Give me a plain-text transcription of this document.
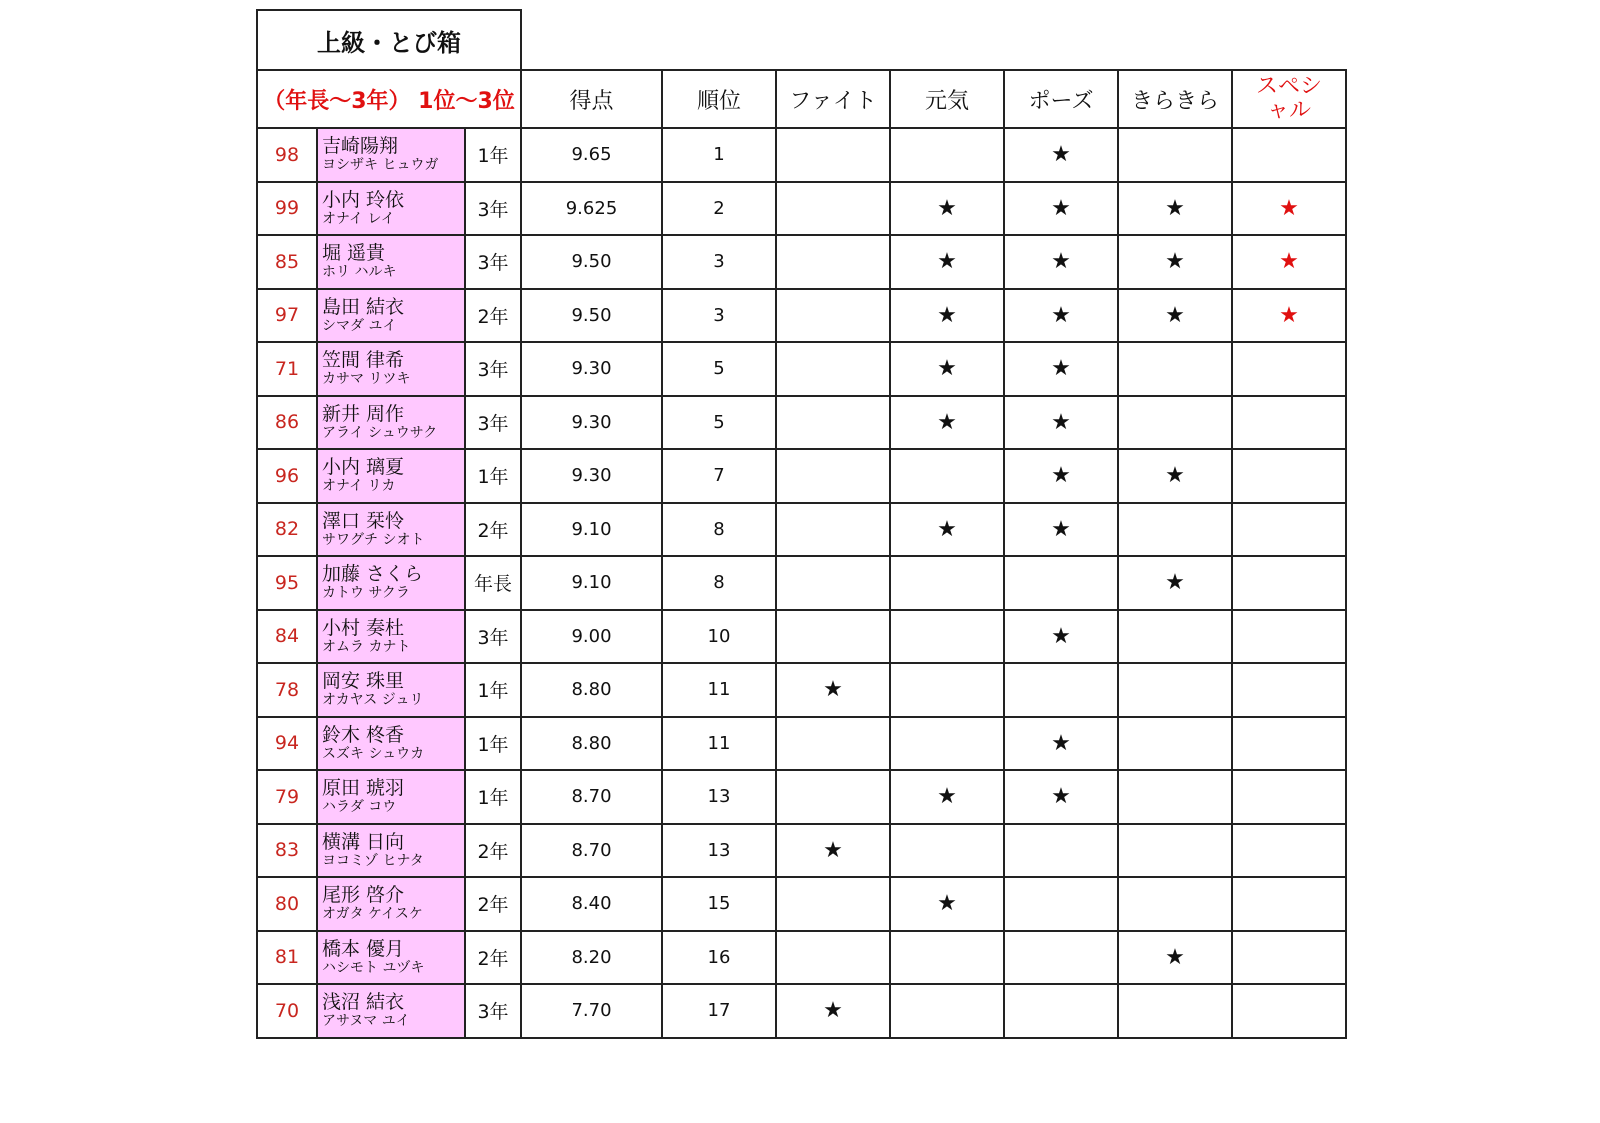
上級・とび箱									
（年長～3年） 1位～3位			得点	順位	ファイト	元気	ポーズ	きらきら	スペシ
ャル

98	吉崎陽翔
ヨシザキ ヒュウガ	1年	9.65	1			★		
99	小内 玲依
オナイ レイ	3年	9.625	2		★	★	★	★
85	堀 遥貴
ホリ ハルキ	3年	9.50	3		★	★	★	★
97	島田 結衣
シマダ ユイ	2年	9.50	3		★	★	★	★
71	笠間 律希
カサマ リツキ	3年	9.30	5		★	★		
86	新井 周作
アライ シュウサク	3年	9.30	5		★	★		
96	小内 璃夏
オナイ リカ	1年	9.30	7			★	★	
82	澤口 栞怜
サワグチ シオト	2年	9.10	8		★	★		
95	加藤 さくら
カトウ サクラ	年長	9.10	8				★	
84	小村 奏杜
オムラ カナト	3年	9.00	10			★		
78	岡安 珠里
オカヤス ジュリ	1年	8.80	11	★				
94	鈴木 柊香
スズキ シュウカ	1年	8.80	11			★		
79	原田 琥羽
ハラダ コウ	1年	8.70	13		★	★		
83	横溝 日向
ヨコミゾ ヒナタ	2年	8.70	13	★				
80	尾形 啓介
オガタ ケイスケ	2年	8.40	15		★			
81	橋本 優月
ハシモト ユヅキ	2年	8.20	16				★	
70	浅沼 結衣
アサヌマ ユイ	3年	7.70	17	★				
